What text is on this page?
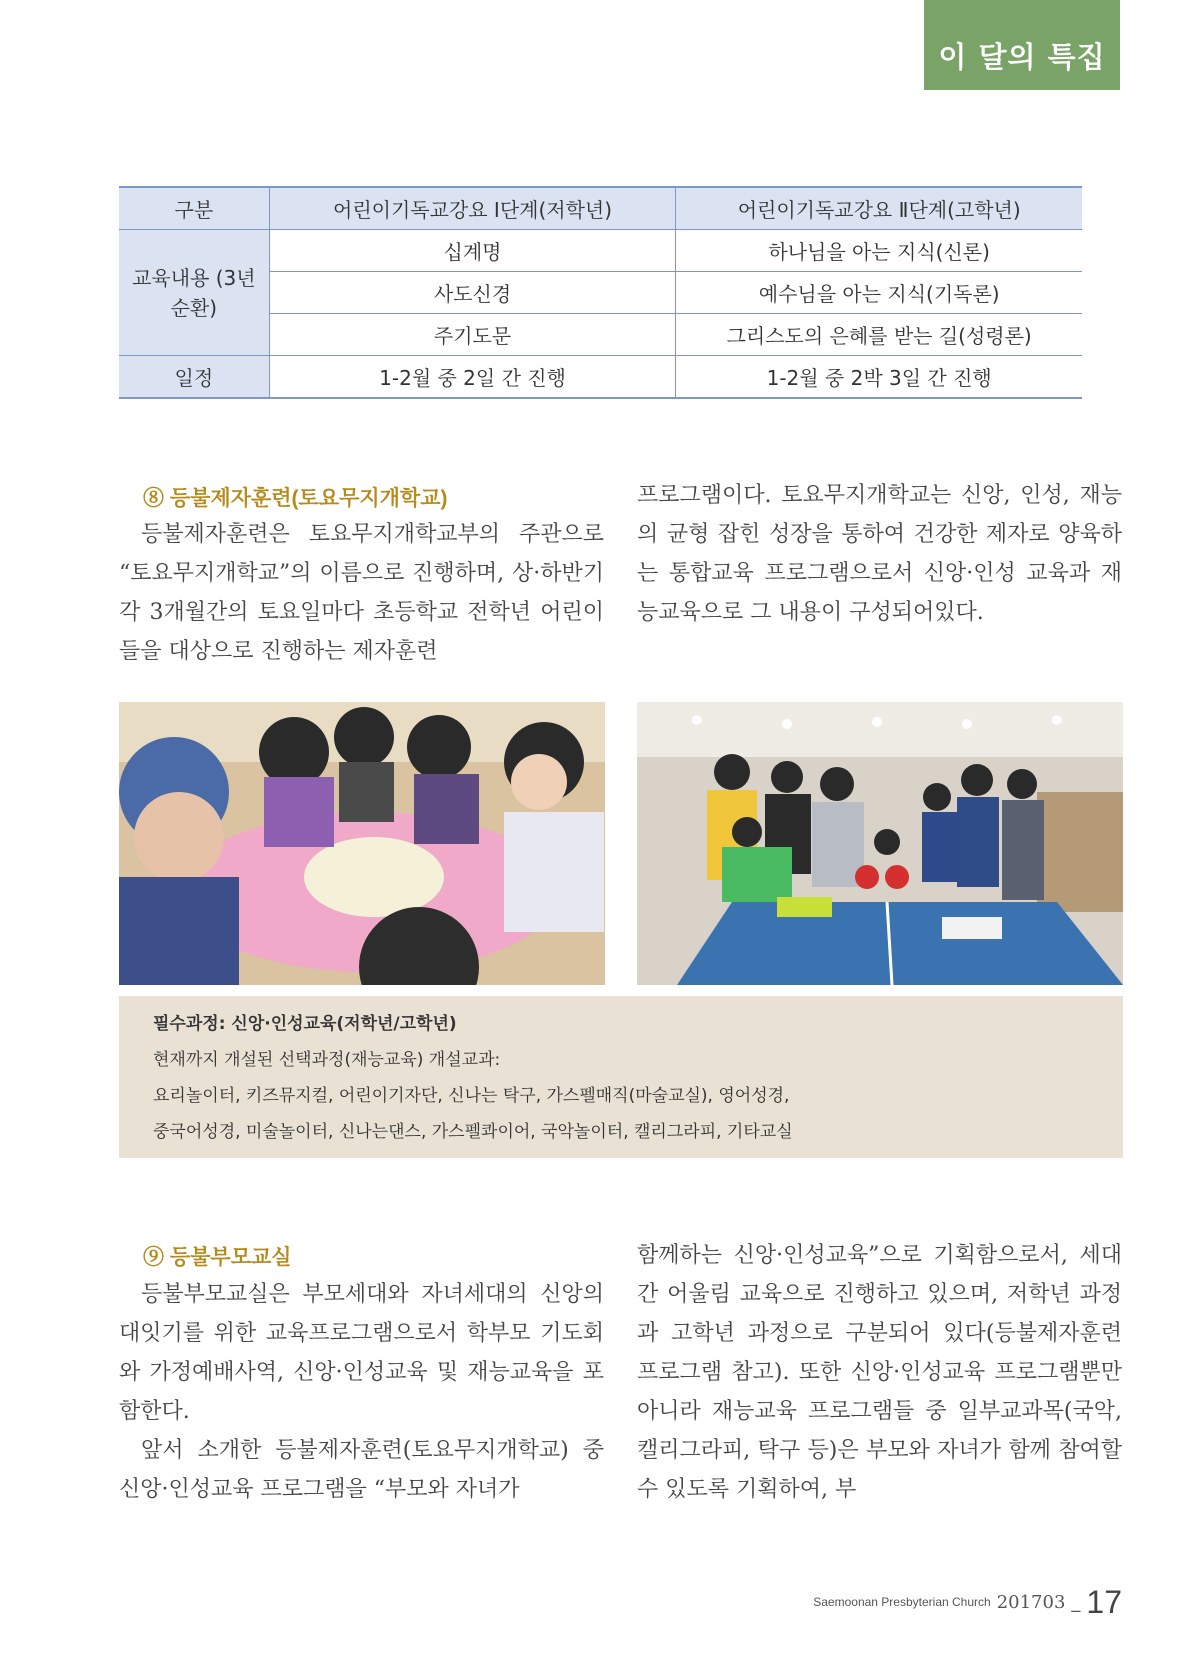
이 달의 특집
구분	어린이기독교강요 Ⅰ단계(저학년)	어린이기독교강요 Ⅱ단계(고학년)
교육내용 (3년 순환)	십계명	하나님을 아는 지식(신론)
	사도신경	예수님을 아는 지식(기독론)
	주기도문	그리스도의 은혜를 받는 길(성령론)
일정	1-2월 중 2일 간 진행	1-2월 중 2박 3일 간 진행
⑧ 등불제자훈련(토요무지개학교)

등불제자훈련은 토요무지개학교부의 주관으로 “토요무지개학교”의 이름으로 진행하며, 상·하반기 각 3개월간의 토요일마다 초등학교 전학년 어린이들을 대상으로 진행하는 제자훈련

프로그램이다. 토요무지개학교는 신앙, 인성, 재능의 균형 잡힌 성장을 통하여 건강한 제자로 양육하는 통합교육 프로그램으로서 신앙·인성 교육과 재능교육으로 그 내용이 구성되어있다.

필수과정: 신앙·인성교육(저학년/고학년)
현재까지 개설된 선택과정(재능교육) 개설교과:
요리놀이터, 키즈뮤지컬, 어린이기자단, 신나는 탁구, 가스펠매직(마술교실), 영어성경,
중국어성경, 미술놀이터, 신나는댄스, 가스펠콰이어, 국악놀이터, 캘리그라피, 기타교실
⑨ 등불부모교실

등불부모교실은 부모세대와 자녀세대의 신앙의 대잇기를 위한 교육프로그램으로서 학부모 기도회와 가정예배사역, 신앙·인성교육 및 재능교육을 포함한다.

앞서 소개한 등불제자훈련(토요무지개학교) 중 신앙·인성교육 프로그램을 “부모와 자녀가

함께하는 신앙·인성교육”으로 기획함으로서, 세대 간 어울림 교육으로 진행하고 있으며, 저학년 과정과 고학년 과정으로 구분되어 있다(등불제자훈련 프로그램 참고). 또한 신앙·인성교육 프로그램뿐만 아니라 재능교육 프로그램들 중 일부교과목(국악, 캘리그라피, 탁구 등)은 부모와 자녀가 함께 참여할 수 있도록 기획하여, 부

Saemoonan Presbyterian Church 201703 _ 17
